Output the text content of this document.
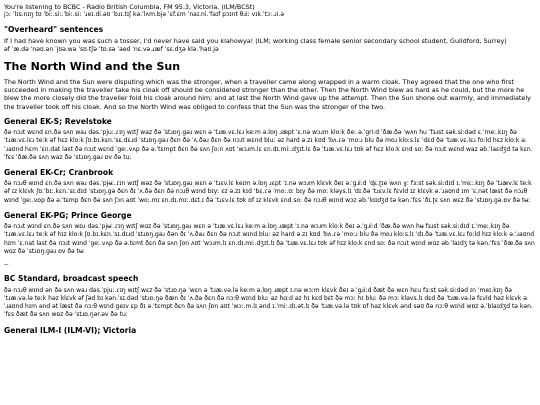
You're listening to BCBC - Radio British Columbia, FM 95.3, Victoria. (ILM/BCSt)

jɔː ˈlɪs.nɪŋ tʊ ˈbiː.siː.ˈbiː.siː ˈɹeɪ.di.əʊ ˈbɹɪ.tɪʃ kə.ˈlʌm.bjə ˈɛf.ɛm ˈnaɪ.ni.ˈfaɪf pɔɪnt θɹiː vɪk.ˈtɔː.ɹi.ə

"Overheard" sentences

If I had have known you was such a tosser, I'd never have said you klahowya! (ILM; working class female senior secondary school student, Guildford, Surrey)

əf ˈæ.də ˈnəʊ.ən ˈjʊə.wə ˈsʊ.tʃə ˈtɒ.sə ˈaed ˈnɛ.və.ɹæf ˈsɛ.dʒə klə.ˈhaʊ.jə

The North Wind and the Sun

The North Wind and the Sun were disputing which was the stronger, when a traveller came along wrapped in a warm cloak. They agreed that the one who first succeeded in making the traveller take his cloak off should be considered stronger than the other. Then the North Wind blew as hard as he could, but the more he blew the more closely did the traveller fold his cloak around him; and at last the North Wind gave up the attempt. Then the Sun shone out warmly, and immediately the traveller took off his cloak. And so the North Wind was obliged to confess that the Sun was the stronger of the two.

General EK-S; Revelstoke

ðə nɔɹt wɛnd ɛn.ðə sʌn waɹ dəs.ˈpjuː.ɾɪŋ wɪtʃ waz ðə ˈstɹɒŋ.gəɹ wɛn ə ˈtɹæ.vɛ.lɛɹ keːm ə.lɒŋ ɹæpt ˈɛ.nə wɔɹm klo:k ðeː ə.ˈgriːd ˈðæ.ðə ˈwʌn hu ˈfɜɹst sək.siːdəd ɛ.ˈmeː.kɪŋ ðə ˈtɹæ.vɛ.lɛɹ teːk əf hɛz klo:k ʃʊ.bɪ.kɛn.ˈsɛ.dɛɹd ˈstɹɒŋ.gəɹ ðɛn ðə ˈʌ.ðəɹ ðɛn ðə nɔɹt wɛnd bluː əz hard ə.zɪ kʊd ˈbʌ.ɾə ˈmoːɹ blu ðə moɹ kloːs.lɛ ˈdɛd ðə ˈtɹæ.vɛ.lɛɹ foːld hɛz klo:k ə.ˈɹaʊnd hɛm ˈɛn.dat last ðə nɔɹt wɛnd ˈgeː.vʌp ðə ə.ˈtɛmpt ðɛn ðə sʌn ʃoːn ʌʊt ˈwɔɹm.lɛ ɛn.dɪ.miː.dʒɪt.lɛ ðə ˈtɹæ.vɛ.lɛɹ tʊk əf hɛz klo:k ɛnd soː ðə nɔɹt wɛnd waz əb.ˈlaɛdʒd tə kɛn.ˈfɛs ˈðæ.ðə sʌn waz ðə ˈstɹɒŋ.gəɹ ɒv ðə tuː

General EK-Cr; Cranbrook

ðə nɔɹθ wɪnd ɛn.ðə sʌn wəɹ dəs.ˈpjʉː.ɾɪn wɪtʃ wəz ðə ˈstɹɒŋ.gəɹ wɛn ə ˈtɹɛv.lɛ keɪm ə.lɒŋ ɹɛpt ˈɪ.nə wɔɹm klɛvk ðeɪ ə.ˈgɹiːd ˈɖɛ.ʈɪe wʌn ɣː fɜːst sək.siːdɪd ɪ.ˈmɛː.kɪŋ ðə ˈtɹæv.lɛ teːk əf ɪz klɛvk ʃʊ.ˈbɪː.kɛn.ˈsɪ.dɪd ˈstɹɒŋ.gə ðɛn ðɪ ˈʌ.ðə ðɛn ðə nɔɹθ wɪnd bɪyː ɛz ə.zɪ kɪd ˈbɛ.ɾə ˈmoː.ʊː bɪy ðə moː kləys.lɪ ˈdɪ.ðə ˈtɹɛv.lɛ fɛvld ɪz klɛvk ə.ˈɹaʊnd ɪm ˈɛ.nət læst ðə nɔɹθ wɪnd ˈgeː.vɒp ðə ə.ˈtɛmp ðɛn ðə sʌn ʃɔn aʊt ˈwoː.mɪ ɛn.dɪ.mɪː.dɛt.ɪ ðə ˈtɹɛv.lɛ tʊk ɒf ɪz klɛvk ɛnd soː ðə nɔɹθ wɪnd wɔz əb.ˈlɑɪdʒd tə kən.ˈfɛs ˈðɪ.ʈɛ sʌn wɛz ðə ˈstɹɒŋ.gə.ɒv ðə tʉː

General EK-PG; Prince George

ðə nɔɹt wɪnd ɛn.ðə sʌn wɒɹ dəs.ˈpjʉː.ɾɪŋ wɪtʃ wɑz ðə ˈstɹɒŋ.gəɹ wɛn ə ˈtɹæ.vɛ.lɛɹ keːm ə.lɒŋ ɹæpt ˈɪ.nə wɔɹm klo:k ðeɪ ə.ˈgɹiːd ˈðæ.ðə wʌn hʉ fɜɹst sək.siːdɪd ɪ.ˈmeː.kɪŋ ðə ˈtɹæ.vɛ.lɛɹ teːk əf hɪz klo:k ʃʊ.bɪ.kɛn.ˈsɪ.dɪɹd ˈstɹɒŋ.gəɹ ðən ðɪ ˈʌ.ðəɹ ðɛn ðə nɔɹt wɪnd bluː əz hard ə.zɪ kʊd ˈbʌ.ɾə ˈmoːɹ blu ðə moɹ kloːs.lɪ ˈdɪ.ðə ˈtɹæ.vɛ.lɛɹ foːld hɪz klo:k ə.ˈɹaʊnd hɪm ˈɛ.nat last ðə nɔɹt wɪnd ˈgeː.vʌp ðə ə.tɛmt ðɛn ðə sʌn ʃon ʌʊt ˈwɔɹm.lɪ ɛn.dɪ.miː.dʒɪt.lɪ ðə ˈtɹæ.vɛ.lɛɹ tʊk əf hɪz klo:k ɛnd soː ðə nɔɹt wɪnd wɑz əb.ˈlaɪdʒ tə kən.ˈfɛs ˈðæ.ðə sʌn wɑz ðə ˈstɹɒŋ.gəɹ ɒv ðə tʉː

--

BC Standard, broadcast speech

ðə nɔɹθ wɪnd ən ðə sʌn waɹ dəs.ˈpjuː.ɾɪŋ wɪtʃ wɛz ðə ˈstɹɒ.ŋə ˈwɛn ə ˈtɹæ.və.lə keːm ə.lɒŋ ɹæpt ɪ.nə wɔːm klɛvk ðeɪ ə.ˈgɹiːd ðæt ðə wɛn hɛu fɜːst sək.siːdəd ɪn ˈmeɪ.kɪŋ ðə ˈtɹæ.və.lə teːk həz klɛvk əf ʃəd bɪ kən.ˈsɪ.dəd ˈstɹɒ.ŋə ðæn ðɪ ˈʌ.ðə ðɛn ðə nɔːθ wɪnd bluː əz hɑːd əz hɪ kɛd bɛt ðə mɔː hɪ bluː ðə mɔː kləvs.lɪ dɛd ðə ˈtɹæ.və.lə fɛvld həz klɛvk ə.ˈɹaʊnd hɪm ənd ət læst ðə nɔːθ wɪnd ɡeɪv ɛp ðɪ ə.ˈtɛmpt ðɛn ðə sʌn ʃɒn aʊt ˈwɔː.m.lɪ ənd ɪ.ˈmiː.dɪ.ət.lɪ ðə ˈtɹæ.və.lə tʊk ɒf həz klɛvk ənd səʊ ðə nɔːθ wɪnd wɒz ə.ˈblaɪdʒd tə kən.ˈfɛs ðæt ðə sʌn wɒz ðə ˈstɹɒ.ŋər.əv ðə tuː

General ILM-I (ILM-VI); Victoria
